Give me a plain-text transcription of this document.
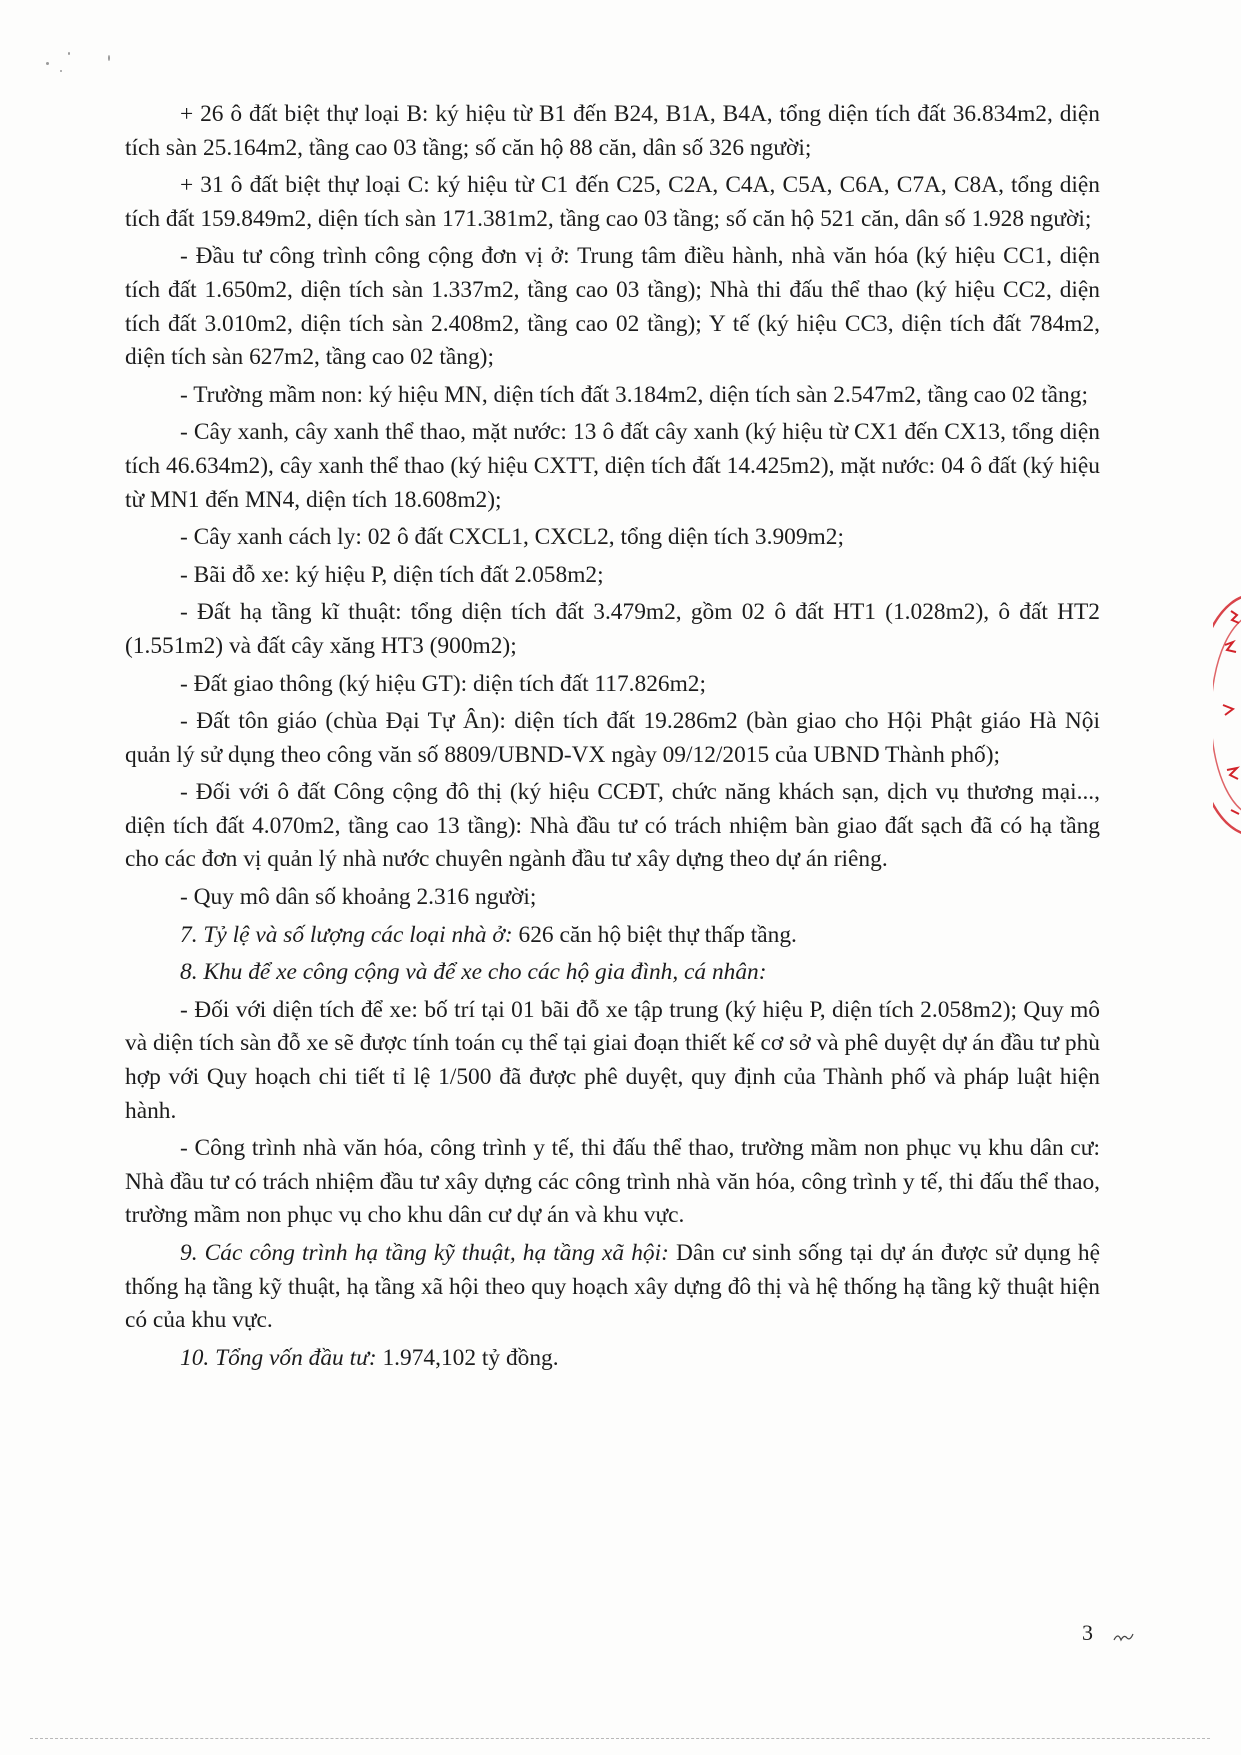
+ 26 ô đất biệt thự loại B: ký hiệu từ B1 đến B24, B1A, B4A, tổng diện tích đất 36.834m2, diện tích sàn 25.164m2, tầng cao 03 tầng; số căn hộ 88 căn, dân số 326 người;

+ 31 ô đất biệt thự loại C: ký hiệu từ C1 đến C25, C2A, C4A, C5A, C6A, C7A, C8A, tổng diện tích đất 159.849m2, diện tích sàn 171.381m2, tầng cao 03 tầng; số căn hộ 521 căn, dân số 1.928 người;

- Đầu tư công trình công cộng đơn vị ở: Trung tâm điều hành, nhà văn hóa (ký hiệu CC1, diện tích đất 1.650m2, diện tích sàn 1.337m2, tầng cao 03 tầng); Nhà thi đấu thể thao (ký hiệu CC2, diện tích đất 3.010m2, diện tích sàn 2.408m2, tầng cao 02 tầng); Y tế (ký hiệu CC3, diện tích đất 784m2, diện tích sàn 627m2, tầng cao 02 tầng);

- Trường mầm non: ký hiệu MN, diện tích đất 3.184m2, diện tích sàn 2.547m2, tầng cao 02 tầng;

- Cây xanh, cây xanh thể thao, mặt nước: 13 ô đất cây xanh (ký hiệu từ CX1 đến CX13, tổng diện tích 46.634m2), cây xanh thể thao (ký hiệu CXTT, diện tích đất 14.425m2), mặt nước: 04 ô đất (ký hiệu từ MN1 đến MN4, diện tích 18.608m2);

- Cây xanh cách ly: 02 ô đất CXCL1, CXCL2, tổng diện tích 3.909m2;

- Bãi đỗ xe: ký hiệu P, diện tích đất 2.058m2;

- Đất hạ tầng kĩ thuật: tổng diện tích đất 3.479m2, gồm 02 ô đất HT1 (1.028m2), ô đất HT2 (1.551m2) và đất cây xăng HT3 (900m2);

- Đất giao thông (ký hiệu GT): diện tích đất 117.826m2;

- Đất tôn giáo (chùa Đại Tự Ân): diện tích đất 19.286m2 (bàn giao cho Hội Phật giáo Hà Nội quản lý sử dụng theo công văn số 8809/UBND-VX ngày 09/12/2015 của UBND Thành phố);

- Đối với ô đất Công cộng đô thị (ký hiệu CCĐT, chức năng khách sạn, dịch vụ thương mại..., diện tích đất 4.070m2, tầng cao 13 tầng): Nhà đầu tư có trách nhiệm bàn giao đất sạch đã có hạ tầng cho các đơn vị quản lý nhà nước chuyên ngành đầu tư xây dựng theo dự án riêng.

- Quy mô dân số khoảng 2.316 người;

7. Tỷ lệ và số lượng các loại nhà ở: 626 căn hộ biệt thự thấp tầng.

8. Khu để xe công cộng và để xe cho các hộ gia đình, cá nhân:

- Đối với diện tích để xe: bố trí tại 01 bãi đỗ xe tập trung (ký hiệu P, diện tích 2.058m2); Quy mô và diện tích sàn đỗ xe sẽ được tính toán cụ thể tại giai đoạn thiết kế cơ sở và phê duyệt dự án đầu tư phù hợp với Quy hoạch chi tiết tỉ lệ 1/500 đã được phê duyệt, quy định của Thành phố và pháp luật hiện hành.

- Công trình nhà văn hóa, công trình y tế, thi đấu thể thao, trường mầm non phục vụ khu dân cư: Nhà đầu tư có trách nhiệm đầu tư xây dựng các công trình nhà văn hóa, công trình y tế, thi đấu thể thao, trường mầm non phục vụ cho khu dân cư dự án và khu vực.

9. Các công trình hạ tầng kỹ thuật, hạ tầng xã hội: Dân cư sinh sống tại dự án được sử dụng hệ thống hạ tầng kỹ thuật, hạ tầng xã hội theo quy hoạch xây dựng đô thị và hệ thống hạ tầng kỹ thuật hiện có của khu vực.

10. Tổng vốn đầu tư: 1.974,102 tỷ đồng.

3
